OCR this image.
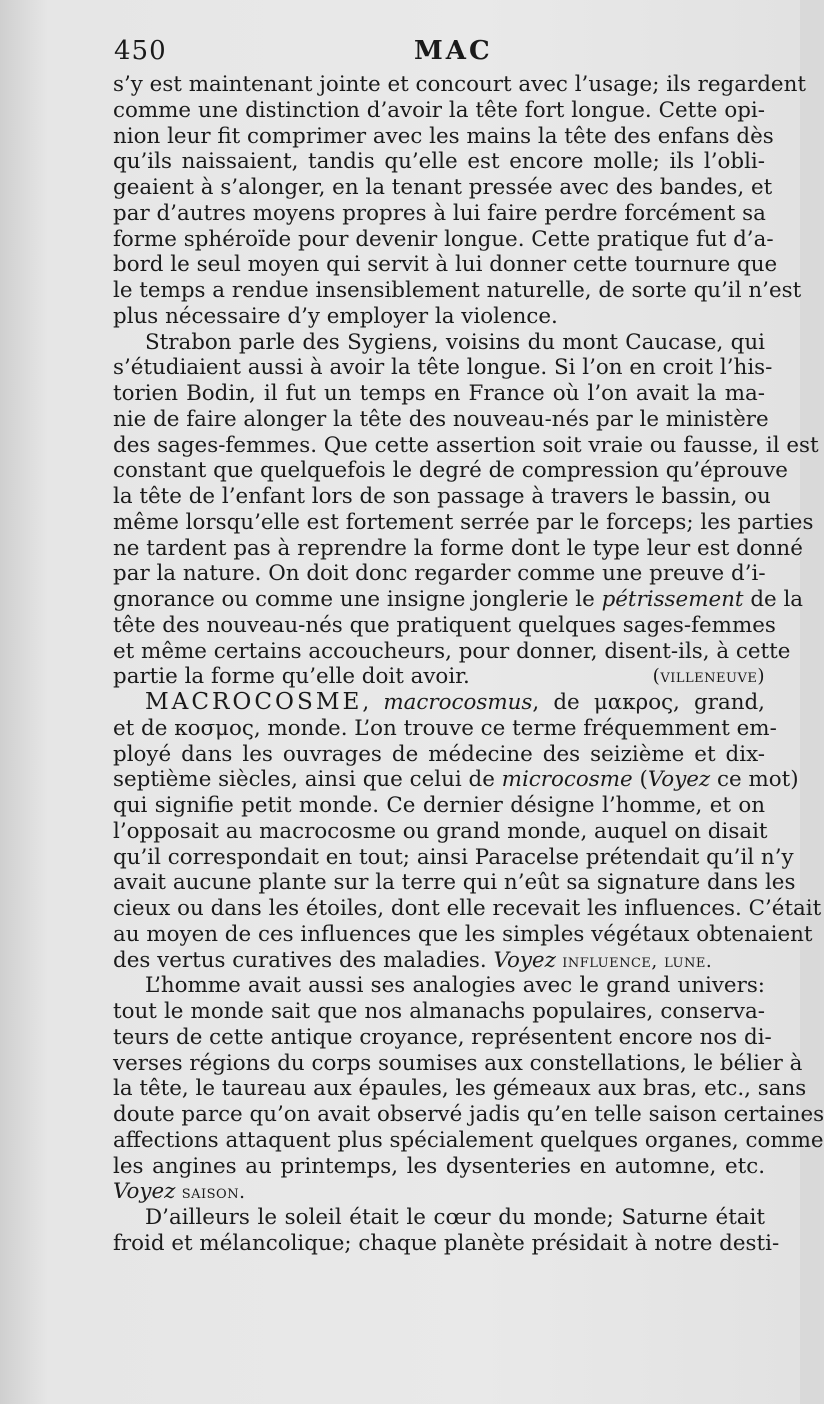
450	MAC
s’y est maintenant jointe et concourt avec l’usage; ils regardent
comme une distinction d’avoir la tête fort longue. Cette opi-
nion leur fit comprimer avec les mains la tête des enfans dès
qu’ils naissaient, tandis qu’elle est encore molle; ils l’obli-
geaient à s’alonger, en la tenant pressée avec des bandes, et
par d’autres moyens propres à lui faire perdre forcément sa
forme sphéroïde pour devenir longue. Cette pratique fut d’a-
bord le seul moyen qui servit à lui donner cette tournure que
le temps a rendue insensiblement naturelle, de sorte qu’il n’est
plus nécessaire d’y employer la violence.
Strabon parle des Sygiens, voisins du mont Caucase, qui
s’étudiaient aussi à avoir la tête longue. Si l’on en croit l’his-
torien Bodin, il fut un temps en France où l’on avait la ma-
nie de faire alonger la tête des nouveau-nés par le ministère
des sages-femmes. Que cette assertion soit vraie ou fausse, il est
constant que quelquefois le degré de compression qu’éprouve
la tête de l’enfant lors de son passage à travers le bassin, ou
même lorsqu’elle est fortement serrée par le forceps; les parties
ne tardent pas à reprendre la forme dont le type leur est donné
par la nature. On doit donc regarder comme une preuve d’i-
gnorance ou comme une insigne jonglerie le pétrissement de la
tête des nouveau-nés que pratiquent quelques sages-femmes
et même certains accoucheurs, pour donner, disent-ils, à cette
partie la forme qu’elle doit avoir.	(villeneuve)
MACROCOSME, macrocosmus, de μακρος, grand,
et de κοσμος, monde. L’on trouve ce terme fréquemment em-
ployé dans les ouvrages de médecine des seizième et dix-
septième siècles, ainsi que celui de microcosme (Voyez ce mot)
qui signifie petit monde. Ce dernier désigne l’homme, et on
l’opposait au macrocosme ou grand monde, auquel on disait
qu’il correspondait en tout; ainsi Paracelse prétendait qu’il n’y
avait aucune plante sur la terre qui n’eût sa signature dans les
cieux ou dans les étoiles, dont elle recevait les influences. C’était
au moyen de ces influences que les simples végétaux obtenaient
des vertus curatives des maladies. Voyez influence, lune.
L’homme avait aussi ses analogies avec le grand univers:
tout le monde sait que nos almanachs populaires, conserva-
teurs de cette antique croyance, représentent encore nos di-
verses régions du corps soumises aux constellations, le bélier à
la tête, le taureau aux épaules, les gémeaux aux bras, etc., sans
doute parce qu’on avait observé jadis qu’en telle saison certaines
affections attaquent plus spécialement quelques organes, comme
les angines au printemps, les dysenteries en automne, etc.
Voyez saison.
D’ailleurs le soleil était le cœur du monde; Saturne était
froid et mélancolique; chaque planète présidait à notre desti-
